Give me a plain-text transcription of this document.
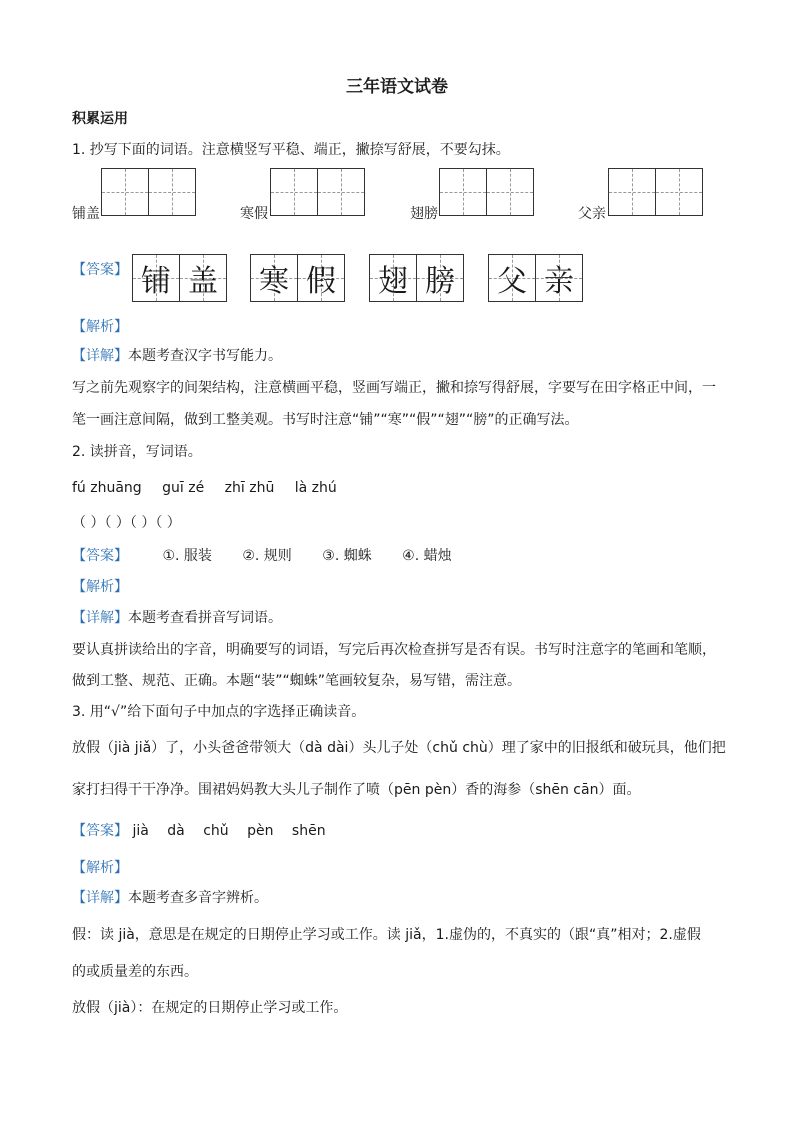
三年语文试卷
积累运用
1. 抄写下面的词语。注意横竖写平稳、端正，撇捺写舒展，不要勾抹。
铺盖	寒假	翅膀	父亲
【答案】 铺 盖 寒 假 翅 膀 父 亲
【解析】
【详解】本题考查汉字书写能力。
写之前先观察字的间架结构，注意横画平稳，竖画写端正，撇和捺写得舒展，字要写在田字格正中间，一
笔一画注意间隔，做到工整美观。书写时注意“铺”“寒”“假”“翅”“膀”的正确写法。
2. 读拼音，写词语。
fú zhuāng guī zé zhī zhū là zhú
（ ）（ ）（ ）（ ）
【答案】 ①. 服装 ②. 规则 ③. 蜘蛛 ④. 蜡烛
【解析】
【详解】本题考查看拼音写词语。
要认真拼读给出的字音，明确要写的词语，写完后再次检查拼写是否有误。书写时注意字的笔画和笔顺，
做到工整、规范、正确。本题“装”“蜘蛛”笔画较复杂，易写错，需注意。
3. 用“√”给下面句子中加点的字选择正确读音。
放假（jià jiǎ）了，小头爸爸带领大（dà dài）头儿子处（chǔ chù）理了家中的旧报纸和破玩具，他们把
家打扫得干干净净。围裙妈妈教大头儿子制作了喷（pēn pèn）香的海参（shēn cān）面。
【答案】 jià dà chǔ pèn shēn
【解析】
【详解】本题考查多音字辨析。
假：读 jià，意思是在规定的日期停止学习或工作。读 jiǎ，1.虚伪的，不真实的（跟“真”相对；2.虚假
的或质量差的东西。
放假（jià）：在规定的日期停止学习或工作。
